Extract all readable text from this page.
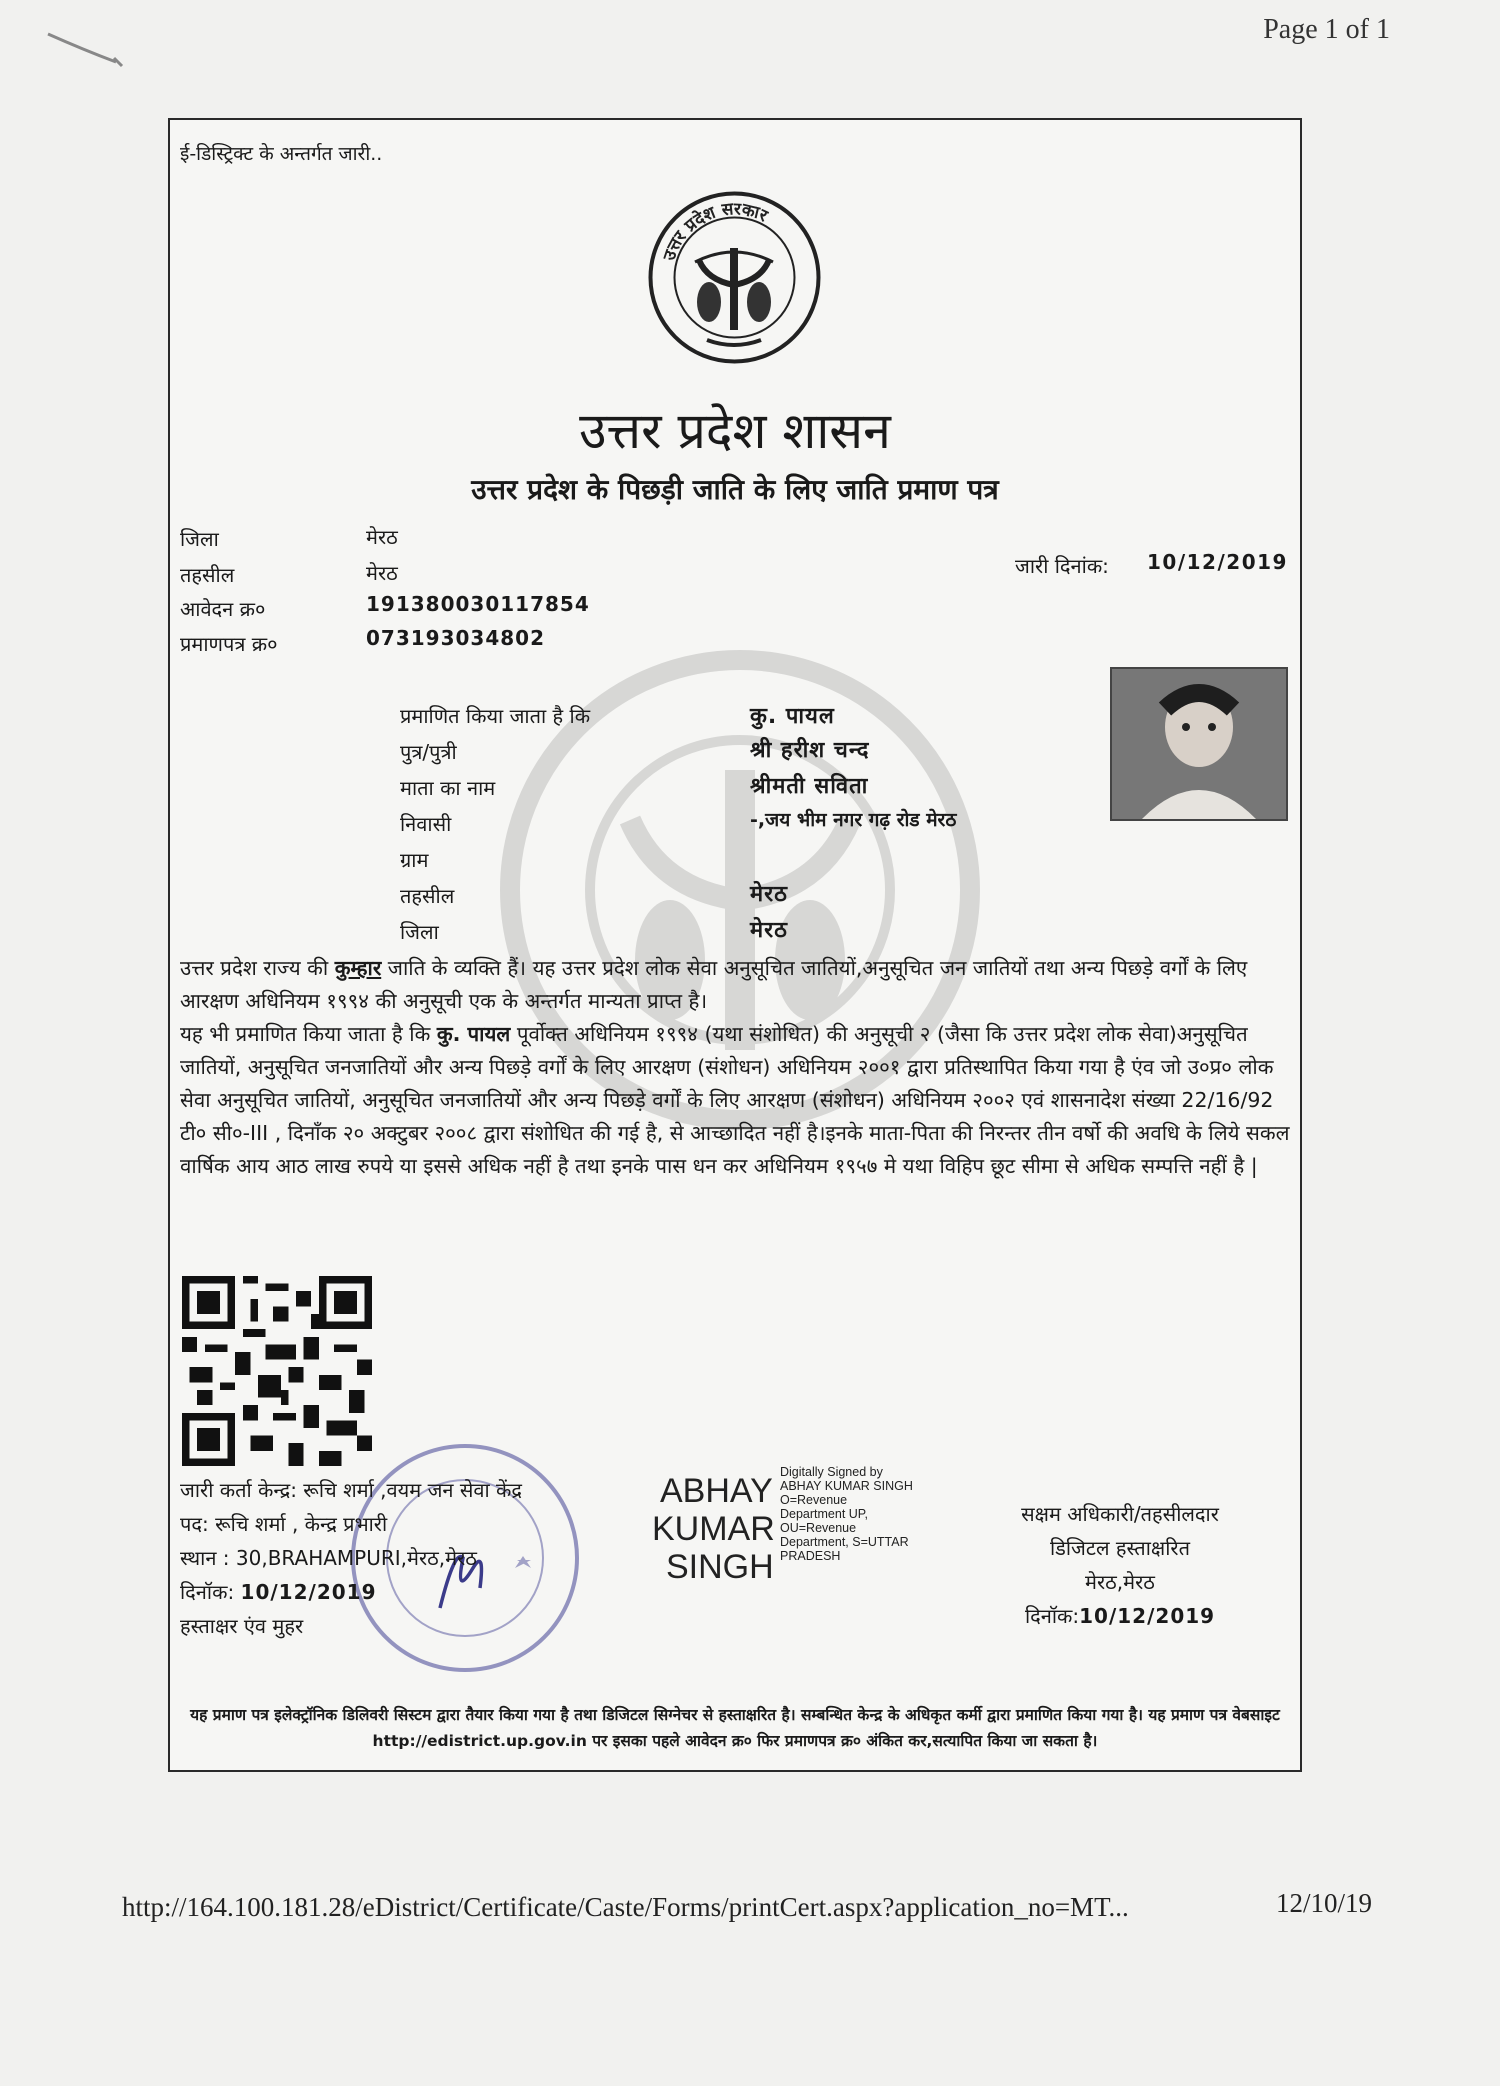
Page 1 of 1
ई-डिस्ट्रिक्ट के अन्तर्गत जारी..
उत्तर प्रदेश सरकार
उत्तर प्रदेश शासन
उत्तर प्रदेश के पिछड़ी जाति के लिए जाति प्रमाण पत्र
जिला	मेरठ
तहसील	मेरठ
आवेदन क्र०	191380030117854
प्रमाणपत्र क्र०	073193034802
जारी दिनांक: 10/12/2019
प्रमाणित किया जाता है कि	कु. पायल
पुत्र/पुत्री	श्री हरीश चन्द
माता का नाम	श्रीमती सविता
निवासी	-,जय भीम नगर गढ़ रोड मेरठ
ग्राम
तहसील	मेरठ
जिला	मेरठ
उत्तर प्रदेश राज्य की कुम्हार जाति के व्यक्ति हैं। यह उत्तर प्रदेश लोक सेवा अनुसूचित जातियों,अनुसूचित जन जातियों तथा अन्य पिछड़े वर्गों के लिए आरक्षण अधिनियम १९९४ की अनुसूची एक के अन्तर्गत मान्यता प्राप्त है।
यह भी प्रमाणित किया जाता है कि कु. पायल पूर्वोक्त अधिनियम १९९४ (यथा संशोधित) की अनुसूची २ (जैसा कि उत्तर प्रदेश लोक सेवा)अनुसूचित जातियों, अनुसूचित जनजातियों और अन्य पिछड़े वर्गों के लिए आरक्षण (संशोधन) अधिनियम २००१ द्वारा प्रतिस्थापित किया गया है एंव जो उ०प्र० लोक सेवा अनुसूचित जातियों, अनुसूचित जनजातियों और अन्य पिछड़े वर्गों के लिए आरक्षण (संशोधन) अधिनियम २००२ एवं शासनादेश संख्या 22/16/92 टी० सी०-III , दिनाँक २० अक्टुबर २००८ द्वारा संशोधित की गई है, से आच्छादित नहीं है।इनके माता-पिता की निरन्तर तीन वर्षो की अवधि के लिये सकल वार्षिक आय आठ लाख रुपये या इससे अधिक नहीं है तथा इनके पास धन कर अधिनियम १९५७ मे यथा विहिप छूट सीमा से अधिक सम्पत्ति नहीं है |
जारी कर्ता केन्द्र: रूचि शर्मा ,वयम जन सेवा केंद्र
पद: रूचि शर्मा , केन्द्र प्रभारी
स्थान : 30,BRAHAMPURI,मेरठ,मेरठ
दिनॉक: 10/12/2019
हस्ताक्षर एंव मुहर
ABHAY
KUMAR
SINGH
Digitally Signed by
ABHAY KUMAR SINGH
O=Revenue
Department UP,
OU=Revenue
Department, S=UTTAR
PRADESH
सक्षम अधिकारी/तहसीलदार
डिजिटल हस्ताक्षरित
मेरठ,मेरठ
दिनॉक:10/12/2019
यह प्रमाण पत्र इलेक्ट्रॉनिक डिलिवरी सिस्टम द्वारा तैयार किया गया है तथा डिजिटल सिग्नेचर से हस्ताक्षरित है। सम्बन्धित केन्द्र के अधिकृत कर्मी द्वारा प्रमाणित किया गया है। यह प्रमाण पत्र वेबसाइट http://edistrict.up.gov.in पर इसका पहले आवेदन क्र० फिर प्रमाणपत्र क्र० अंकित कर,सत्यापित किया जा सकता है।
http://164.100.181.28/eDistrict/Certificate/Caste/Forms/printCert.aspx?application_no=MT...	12/10/19
